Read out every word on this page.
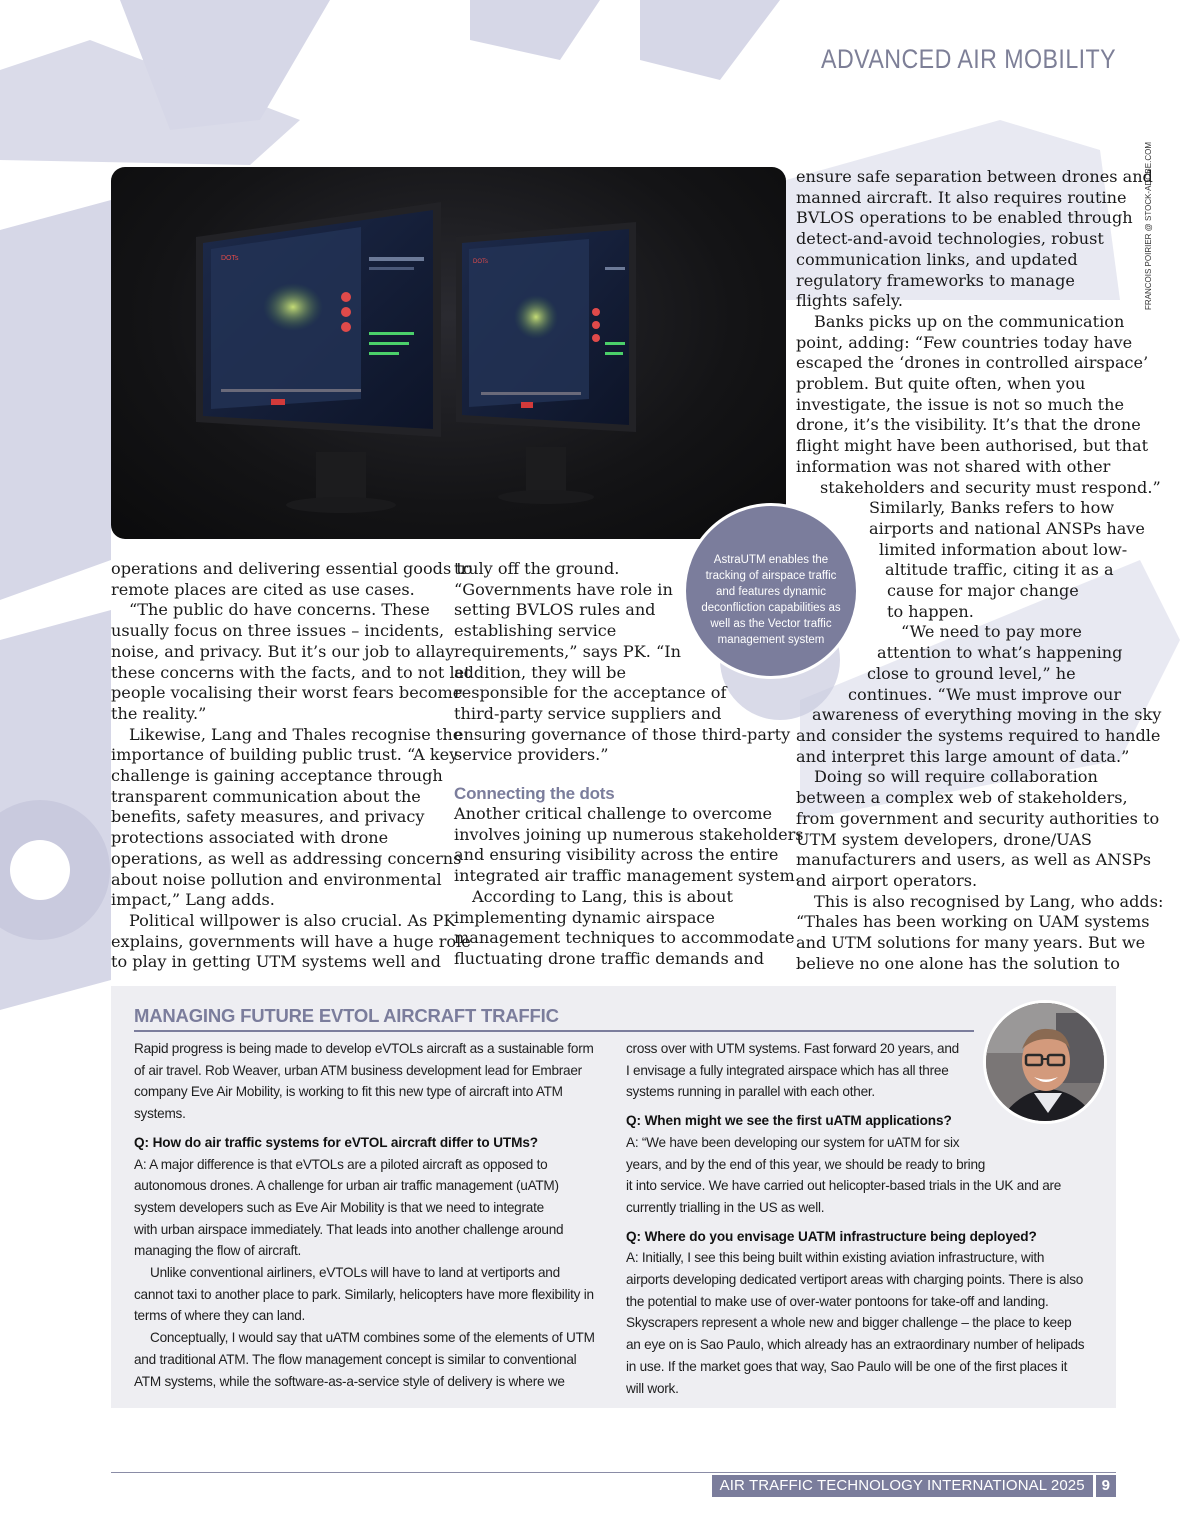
ADVANCED AIR MOBILITY
FRANCOIS POIRIER @ STOCK-ADOBE.COM
DOTs	DOTs
AstraUTM enables the tracking of airspace traffic and features dynamic deconfliction capabilities as well as the Vector traffic management system

operations and delivering essential goods to
remote places are cited as use cases.

“The public do have concerns. These
usually focus on three issues – incidents,
noise, and privacy. But it’s our job to allay
these concerns with the facts, and to not let
people vocalising their worst fears become
the reality.”

Likewise, Lang and Thales recognise the
importance of building public trust. “A key
challenge is gaining acceptance through
transparent communication about the
benefits, safety measures, and privacy
protections associated with drone
operations, as well as addressing concerns
about noise pollution and environmental
impact,” Lang adds.

Political willpower is also crucial. As PK
explains, governments will have a huge role
to play in getting UTM systems well and

truly off the ground.
“Governments have role in
setting BVLOS rules and
establishing service
requirements,” says PK. “In
addition, they will be
responsible for the acceptance of
third-party service suppliers and
ensuring governance of those third-party
service providers.”

Connecting the dots

Another critical challenge to overcome
involves joining up numerous stakeholders
and ensuring visibility across the entire
integrated air traffic management system.

According to Lang, this is about
implementing dynamic airspace
management techniques to accommodate
fluctuating drone traffic demands and

ensure safe separation between drones and
manned aircraft. It also requires routine
BVLOS operations to be enabled through
detect-and-avoid technologies, robust
communication links, and updated
regulatory frameworks to manage
flights safely.

Banks picks up on the communication
point, adding: “Few countries today have
escaped the ‘drones in controlled airspace’
problem. But quite often, when you
investigate, the issue is not so much the
drone, it’s the visibility. It’s that the drone
flight might have been authorised, but that
information was not shared with other
stakeholders and security must respond.”

Similarly, Banks refers to how
airports and national ANSPs have
limited information about low-
altitude traffic, citing it as a
cause for major change
to happen.

“We need to pay more
attention to what’s happening
close to ground level,” he
continues. “We must improve our
awareness of everything moving in the sky
and consider the systems required to handle
and interpret this large amount of data.”

Doing so will require collaboration
between a complex web of stakeholders,
from government and security authorities to
UTM system developers, drone/UAS
manufacturers and users, as well as ANSPs
and airport operators.

This is also recognised by Lang, who adds:
“Thales has been working on UAM systems
and UTM solutions for many years. But we
believe no one alone has the solution to

MANAGING FUTURE EVTOL AIRCRAFT TRAFFIC

Rapid progress is being made to develop eVTOLs aircraft as a sustainable form
of air travel. Rob Weaver, urban ATM business development lead for Embraer
company Eve Air Mobility, is working to fit this new type of aircraft into ATM
systems.

Q: How do air traffic systems for eVTOL aircraft differ to UTMs?

A: A major difference is that eVTOLs are a piloted aircraft as opposed to
autonomous drones. A challenge for urban air traffic management (uATM)
system developers such as Eve Air Mobility is that we need to integrate
with urban airspace immediately. That leads into another challenge around
managing the flow of aircraft.

Unlike conventional airliners, eVTOLs will have to land at vertiports and
cannot taxi to another place to park. Similarly, helicopters have more flexibility in
terms of where they can land.

Conceptually, I would say that uATM combines some of the elements of UTM
and traditional ATM. The flow management concept is similar to conventional
ATM systems, while the software-as-a-service style of delivery is where we

cross over with UTM systems. Fast forward 20 years, and
I envisage a fully integrated airspace which has all three
systems running in parallel with each other.

Q: When might we see the first uATM applications?

A: “We have been developing our system for uATM for six
years, and by the end of this year, we should be ready to bring
it into service. We have carried out helicopter-based trials in the UK and are
currently trialling in the US as well.

Q: Where do you envisage UATM infrastructure being deployed?

A: Initially, I see this being built within existing aviation infrastructure, with
airports developing dedicated vertiport areas with charging points. There is also
the potential to make use of over-water pontoons for take-off and landing.
Skyscrapers represent a whole new and bigger challenge – the place to keep
an eye on is Sao Paulo, which already has an extraordinary number of helipads
in use. If the market goes that way, Sao Paulo will be one of the first places it
will work.

AIR TRAFFIC TECHNOLOGY INTERNATIONAL 2025	9
